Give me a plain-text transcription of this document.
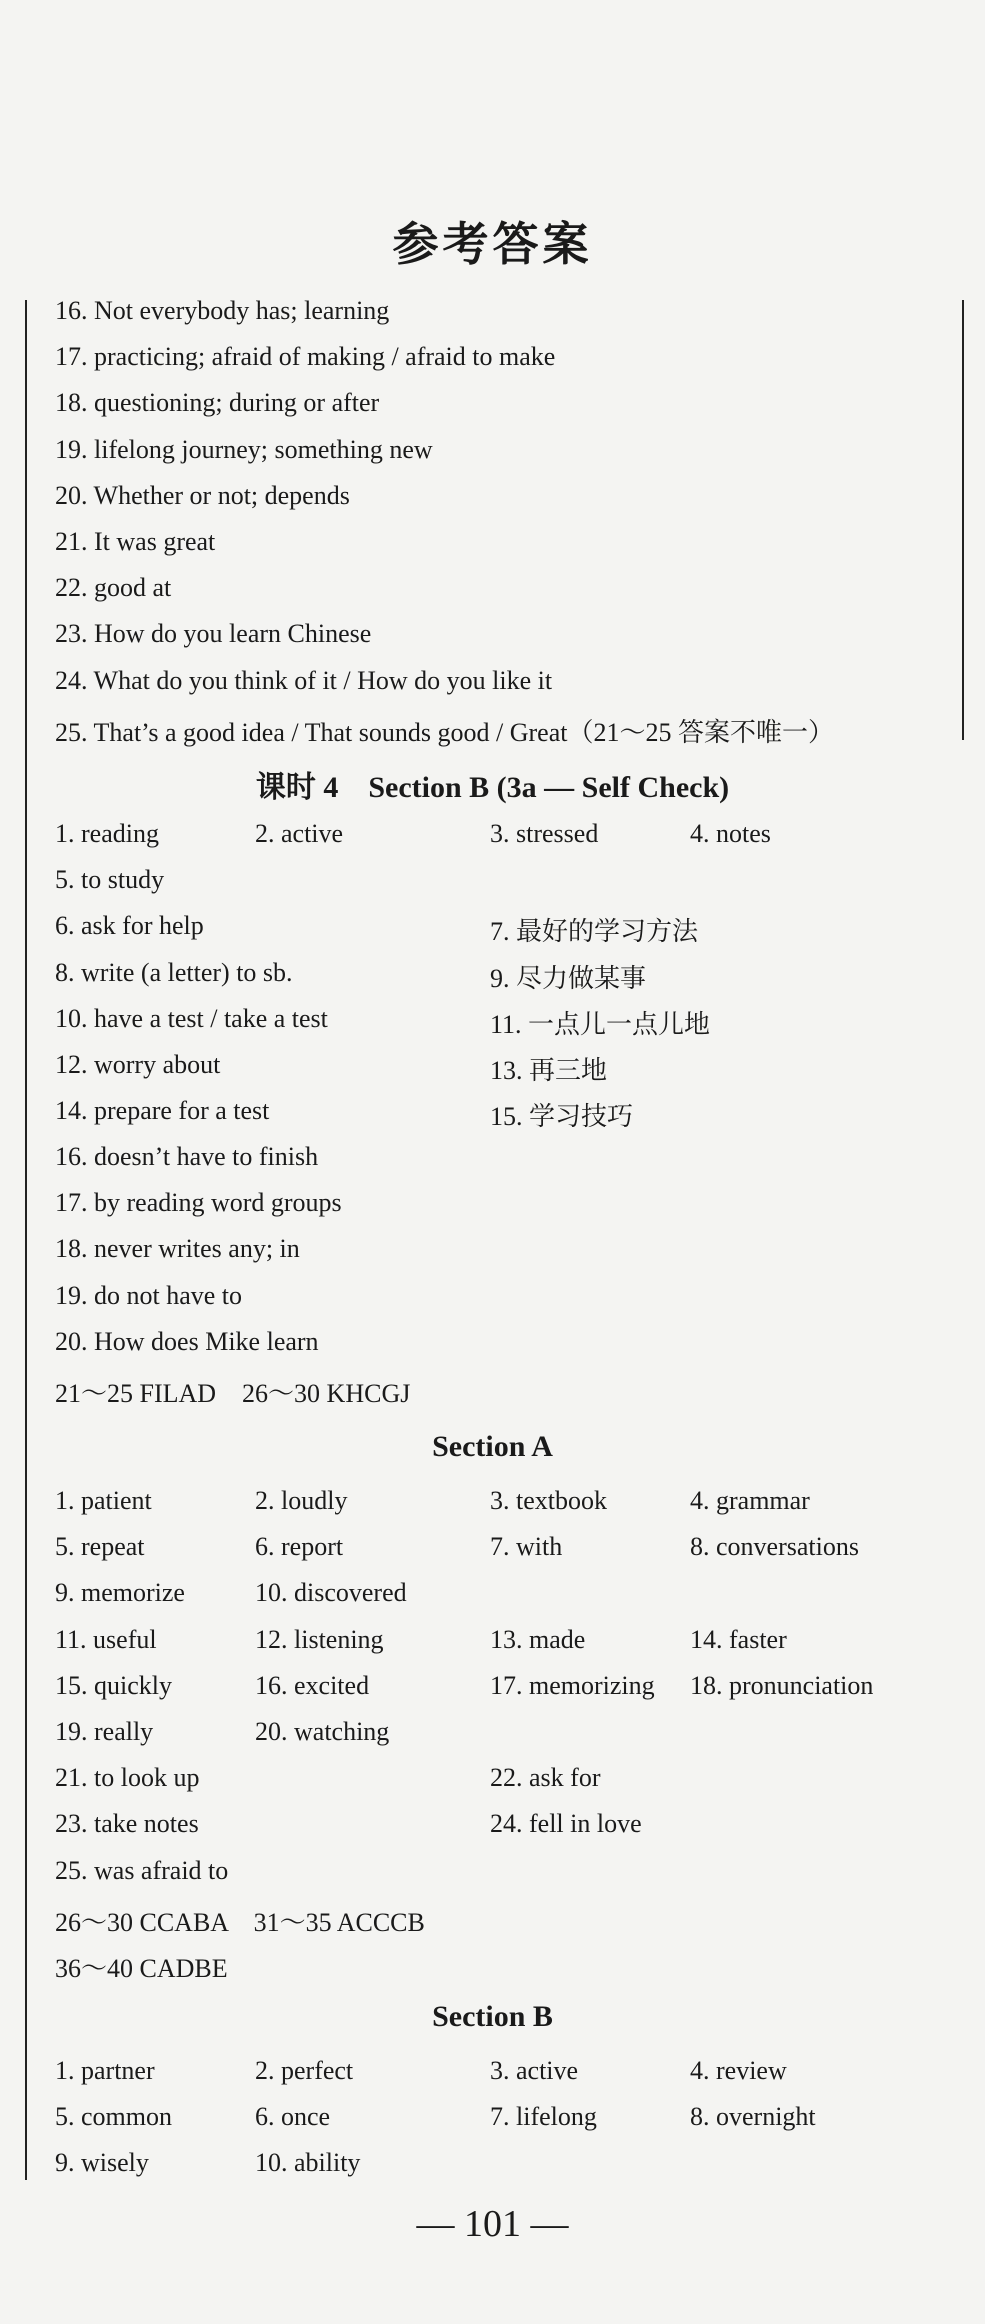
参考答案
16. Not everybody has; learning
17. practicing; afraid of making / afraid to make
18. questioning; during or after
19. lifelong journey; something new
20. Whether or not; depends
21. It was great
22. good at
23. How do you learn Chinese
24. What do you think of it / How do you like it
25. That’s a good idea / That sounds good / Great（21～25 答案不唯一）
课时 4　Section B (3a — Self Check)
1. reading	2. active	3. stressed	4. notes
5. to study
6. ask for help	7. 最好的学习方法
8. write (a letter) to sb.	9. 尽力做某事
10. have a test / take a test	11. 一点儿一点儿地
12. worry about	13. 再三地
14. prepare for a test	15. 学习技巧
16. doesn’t have to finish
17. by reading word groups
18. never writes any; in
19. do not have to
20. How does Mike learn
21～25 FILAD　26～30 KHCGJ
Section A
1. patient	2. loudly	3. textbook	4. grammar
5. repeat	6. report	7. with	8. conversations
9. memorize	10. discovered
11. useful	12. listening	13. made	14. faster
15. quickly	16. excited	17. memorizing 18. pronunciation
19. really	20. watching
21. to look up	22. ask for
23. take notes	24. fell in love
25. was afraid to
26～30 CCABA　31～35 ACCCB
36～40 CADBE
Section B
1. partner	2. perfect	3. active	4. review
5. common	6. once	7. lifelong	8. overnight
9. wisely	10. ability
— 101 —
